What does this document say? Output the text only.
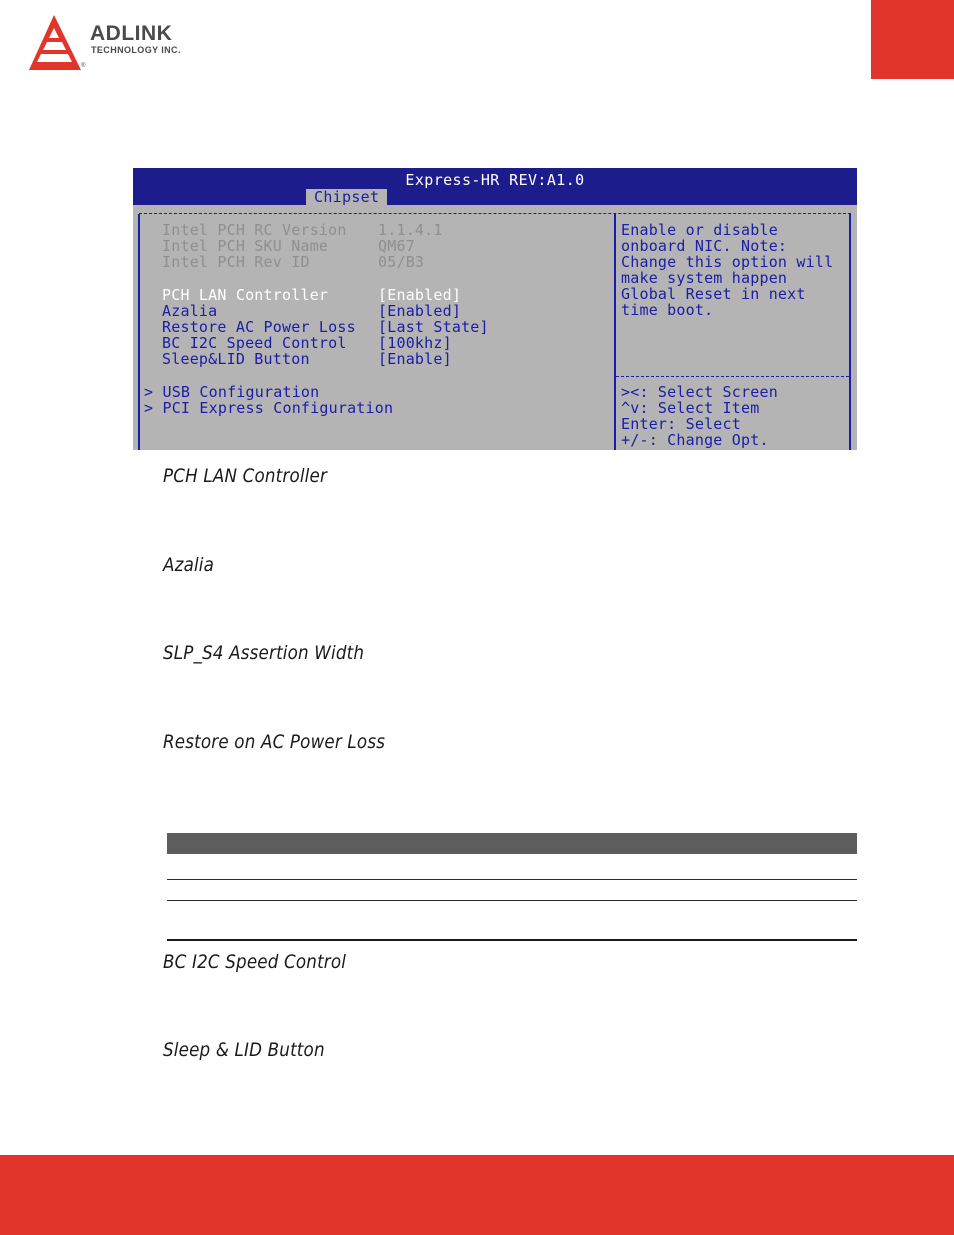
ADLINK
TECHNOLOGY INC.
®
Express-HR REV:A1.0
Chipset
Intel PCH RC Version 1.1.4.1
Intel PCH SKU Name	QM67
Intel PCH Rev ID	05/B3
PCH LAN Controller	[Enabled]
Azalia	[Enabled]
Restore AC Power Loss [Last State]
BC I2C Speed Control [100khz]
Sleep&LID Button	[Enable]
> USB Configuration
> PCI Express Configuration
Enable or disable
onboard NIC. Note:
Change this option will
make system happen
Global Reset in next
time boot.
><: Select Screen
^v: Select Item
Enter: Select
+/-: Change Opt.
PCH LAN Controller
Azalia
SLP_S4 Assertion Width
Restore on AC Power Loss
BC I2C Speed Control
Sleep & LID Button
